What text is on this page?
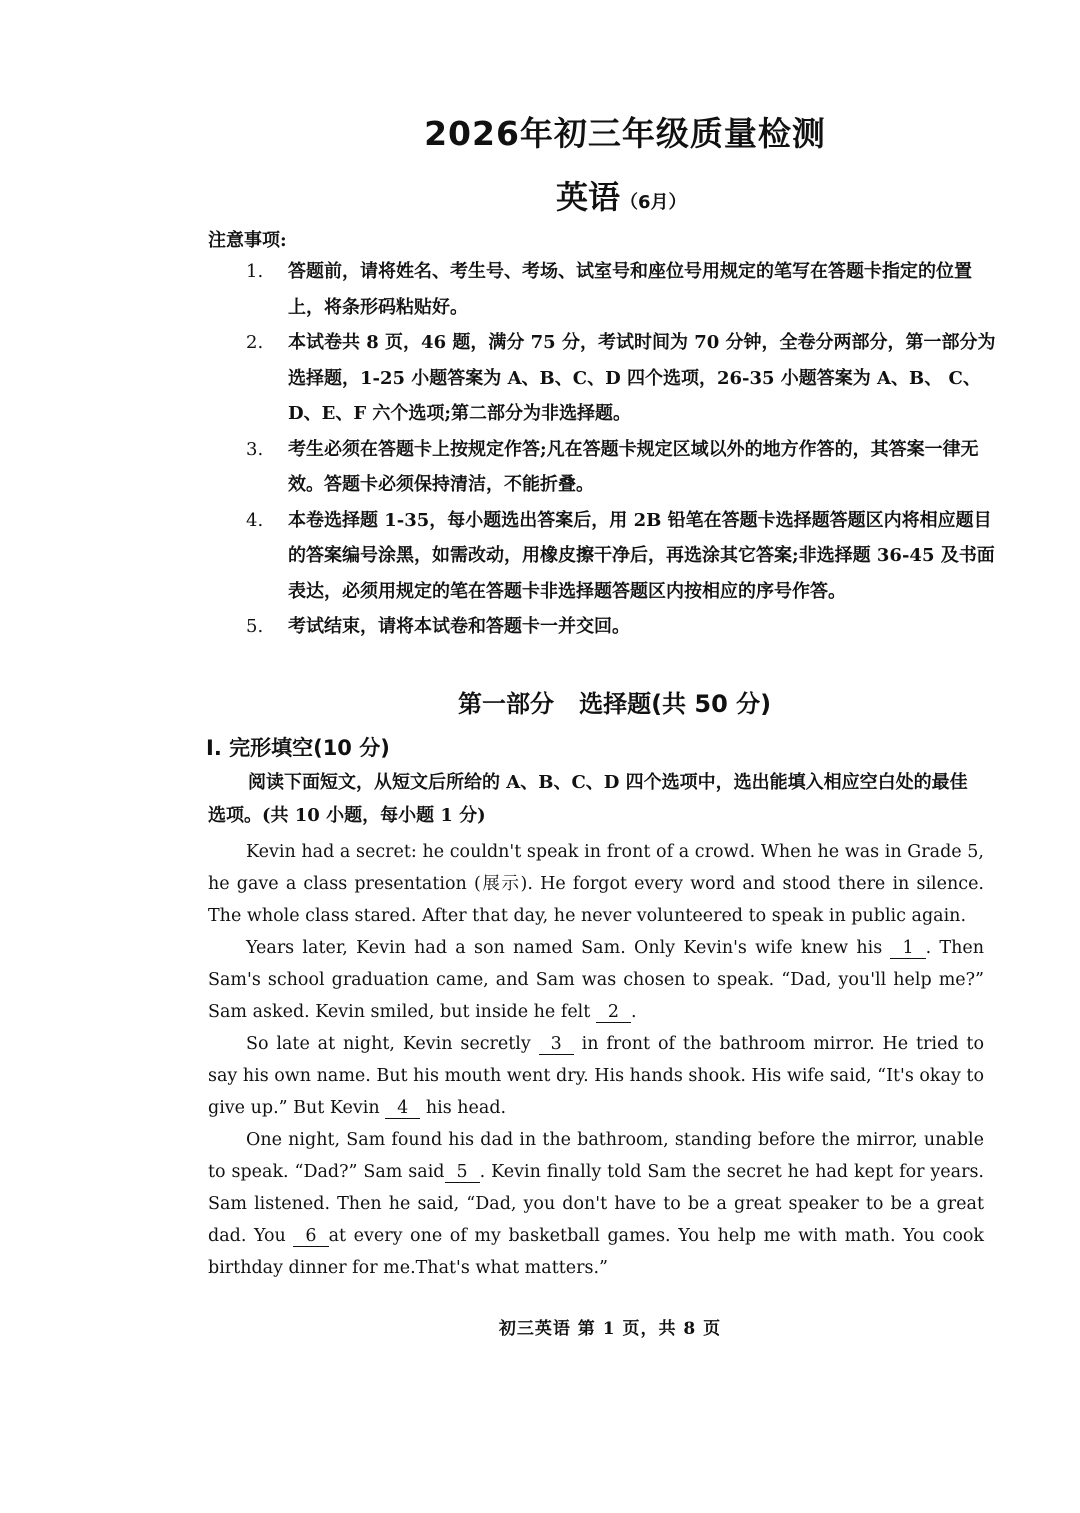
2026年初三年级质量检测
英语（6月）
注意事项:
1. 答题前，请将姓名、考生号、考场、试室号和座位号用规定的笔写在答题卡指定的位置上，将条形码粘贴好。
2. 本试卷共 8 页，46 题，满分 75 分，考试时间为 70 分钟，全卷分两部分，第一部分为选择题，1-25 小题答案为 A、B、C、D 四个选项，26-35 小题答案为 A、B、 C、D、E、F 六个选项;第二部分为非选择题。
3. 考生必须在答题卡上按规定作答;凡在答题卡规定区域以外的地方作答的，其答案一律无效。答题卡必须保持清洁，不能折叠。
4. 本卷选择题 1-35，每小题选出答案后，用 2B 铅笔在答题卡选择题答题区内将相应题目的答案编号涂黑，如需改动，用橡皮擦干净后，再选涂其它答案;非选择题 36-45 及书面表达，必须用规定的笔在答题卡非选择题答题区内按相应的序号作答。
5. 考试结束，请将本试卷和答题卡一并交回。
第一部分   选择题(共 50 分)
I. 完形填空(10 分)
阅读下面短文，从短文后所给的 A、B、C、D 四个选项中，选出能填入相应空白处的最佳选项。(共 10 小题，每小题 1 分)

Kevin had a secret: he couldn't speak in front of a crowd. When he was in Grade 5, he gave a class presentation (展示). He forgot every word and stood there in silence. The whole class stared. After that day, he never volunteered to speak in public again.

Years later, Kevin had a son named Sam. Only Kevin's wife knew his 1 . Then Sam's school graduation came, and Sam was chosen to speak. “Dad, you'll help me?” Sam asked. Kevin smiled, but inside he felt 2 .

So late at night, Kevin secretly 3 in front of the bathroom mirror. He tried to say his own name. But his mouth went dry. His hands shook. His wife said, “It's okay to give up.” But Kevin 4 his head.

One night, Sam found his dad in the bathroom, standing before the mirror, unable to speak. “Dad?” Sam said 5 . Kevin finally told Sam the secret he had kept for years. Sam listened. Then he said, “Dad, you don't have to be a great speaker to be a great dad. You 6 at every one of my basketball games. You help me with math. You cook birthday dinner for me.That's what matters.”

初三英语 第 1 页，共 8 页
